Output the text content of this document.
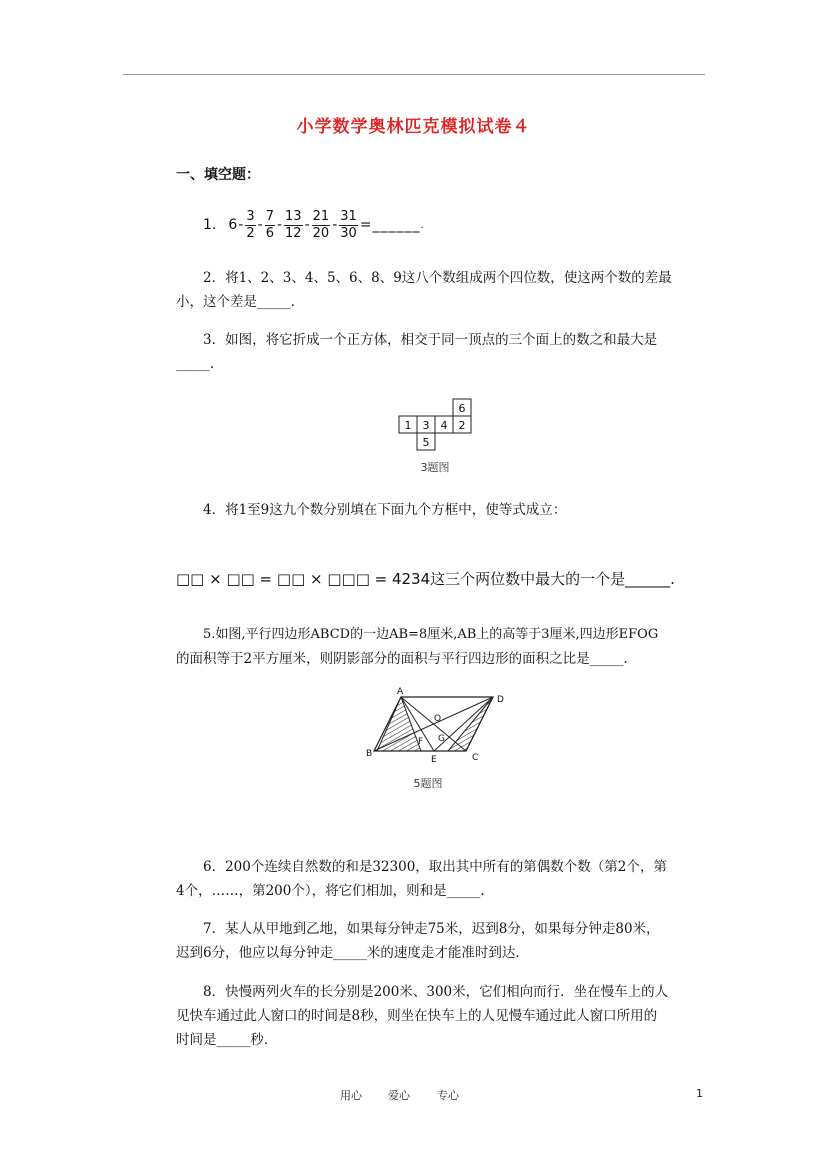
小学数学奥林匹克模拟试卷４
一、填空题：
1. $6 - \frac{3}{2} - \frac{7}{6} - \frac{13}{12} - \frac{21}{20} - \frac{31}{30}$ = ______ .
2．将1、2、3、4、5、6、8、9这八个数组成两个四位数，使这两个数的差最
小，这个差是_____.
3．如图，将它折成一个正方体，相交于同一顶点的三个面上的数之和最大是
_____.
1 3 4 2
6
5
3题图
4．将1至9这九个数分别填在下面九个方框中，使等式成立：
□□ × □□ = □□ × □□□ = 4234这三个两位数中最大的一个是______.
5.如图,平行四边形ABCD的一边AB=8厘米,AB上的高等于3厘米,四边形EFOG
的面积等于2平方厘米，则阴影部分的面积与平行四边形的面积之比是_____.
A
D
B	C
E
F G
O
5题图
6．200个连续自然数的和是32300，取出其中所有的第偶数个数（第2个，第
4个，……，第200个），将它们相加，则和是_____.
7．某人从甲地到乙地，如果每分钟走75米，迟到8分，如果每分钟走80米，
迟到6分，他应以每分钟走_____米的速度走才能准时到达.
8．快慢两列火车的长分别是200米、300米，它们相向而行．坐在慢车上的人
见快车通过此人窗口的时间是8秒，则坐在快车上的人见慢车通过此人窗口所用的
时间是_____秒.
用心 爱心 专心	1
